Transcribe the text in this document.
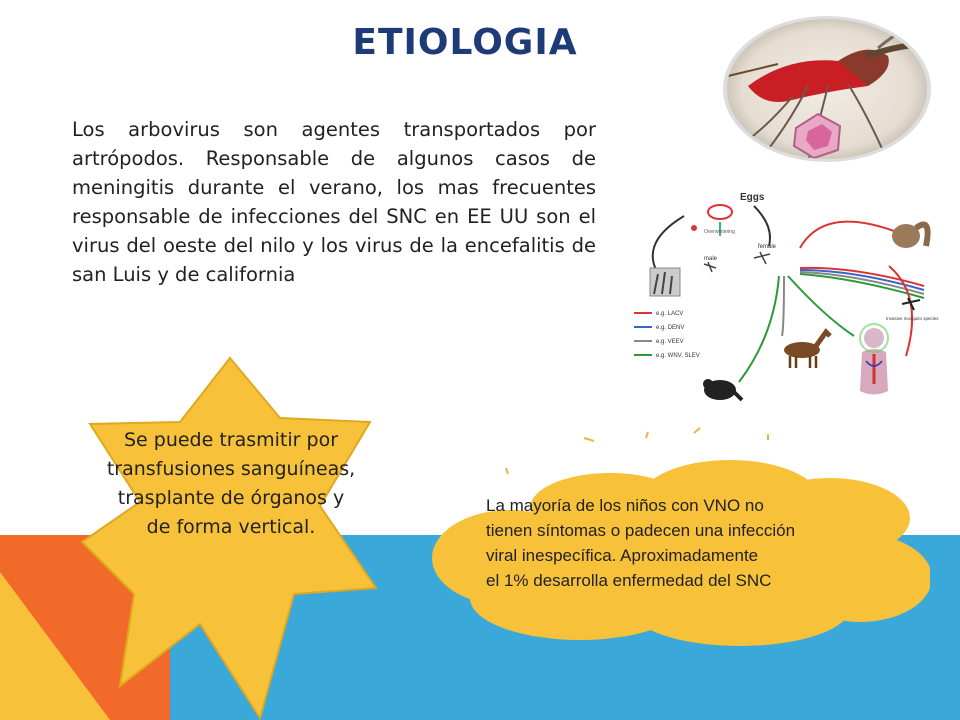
ETIOLOGIA

Los arbovirus son agentes transportados por artrópodos. Responsable de algunos casos de meningitis durante el verano, los mas frecuentes responsable de infecciones del SNC en EE UU son el virus del oeste del nilo y los virus de la encefalitis de san Luis y de california

Eggs
Overwintering
male
female
Invasive mosquito species
e.g. LACV
e.g. DENV
e.g. VEEV
e.g. WNV, SLEV

Se puede trasmitir por transfusiones sanguíneas, trasplante de órganos y de forma vertical.

La mayoría de los niños con VNO no
tienen síntomas o padecen una infección
viral inespecífica. Aproximadamente
el 1% desarrolla enfermedad del SNC
